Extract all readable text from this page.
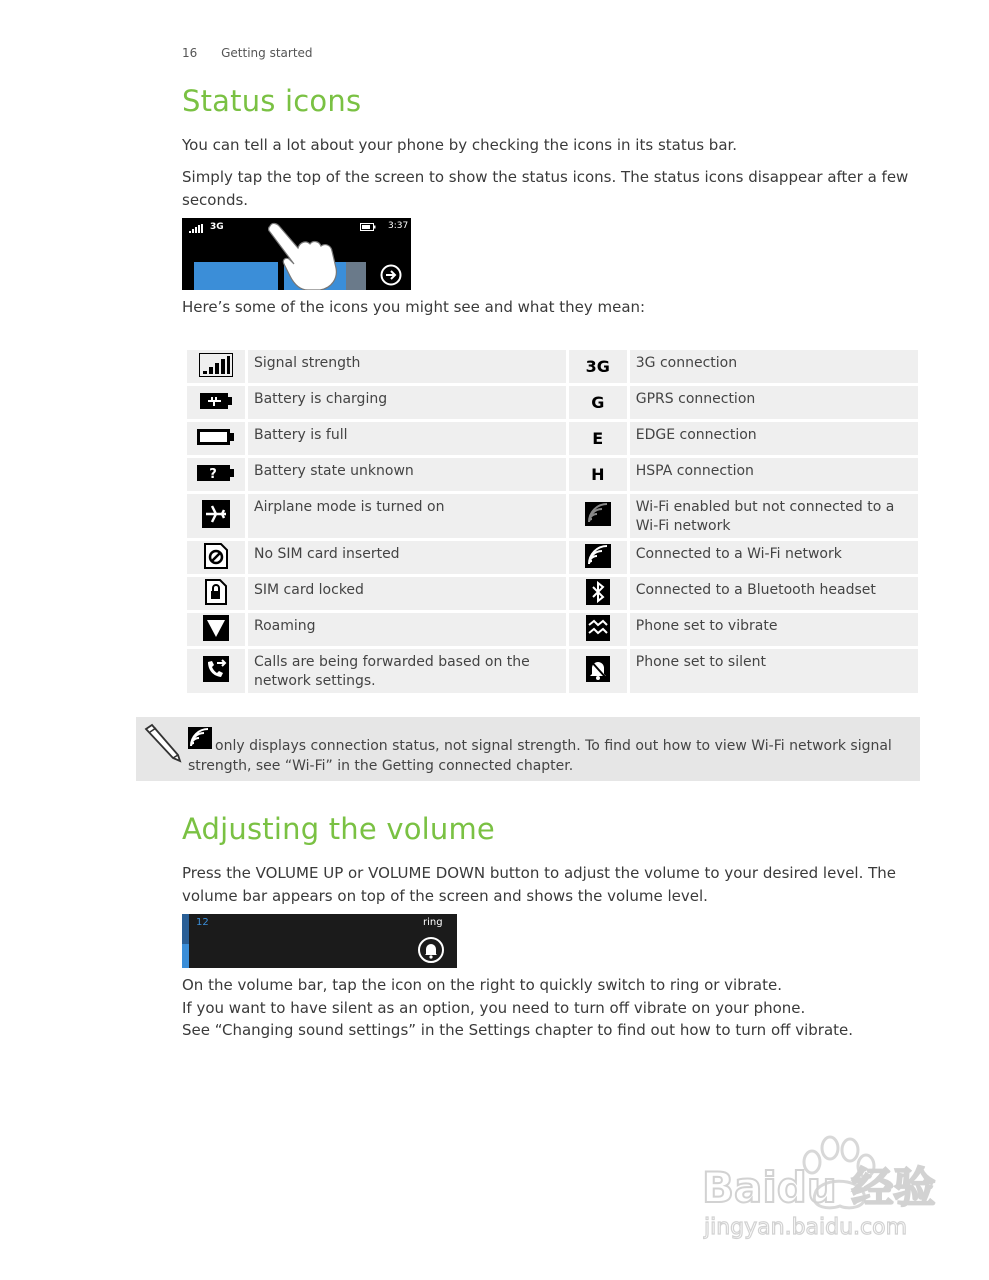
16 Getting started
Status icons
You can tell a lot about your phone by checking the icons in its status bar.
Simply tap the top of the screen to show the status icons. The status icons disappear after a few seconds.
3G	3:37
Here’s some of the icons you might see and what they mean:
	Signal strength	3G	3G connection
	Battery is charging	G	GPRS connection
	Battery is full	E	EDGE connection

?	Battery state unknown	H	HSPA connection
	Airplane mode is turned on		Wi-Fi enabled but not connected to a Wi-Fi network
	No SIM card inserted		Connected to a Wi-Fi network
	SIM card locked		Connected to a Bluetooth headset
	Roaming		Phone set to vibrate
	Calls are being forwarded based on the network settings.		Phone set to silent
only displays connection status, not signal strength. To find out how to view Wi-Fi network signal strength, see “Wi-Fi” in the Getting connected chapter.
Adjusting the volume
Press the VOLUME UP or VOLUME DOWN button to adjust the volume to your desired level. The volume bar appears on top of the screen and shows the volume level.
12	ring
On the volume bar, tap the icon on the right to quickly switch to ring or vibrate.
If you want to have silent as an option, you need to turn off vibrate on your phone.
See “Changing sound settings” in the Settings chapter to find out how to turn off vibrate.
Baidu 经验
jingyan.baidu.com
